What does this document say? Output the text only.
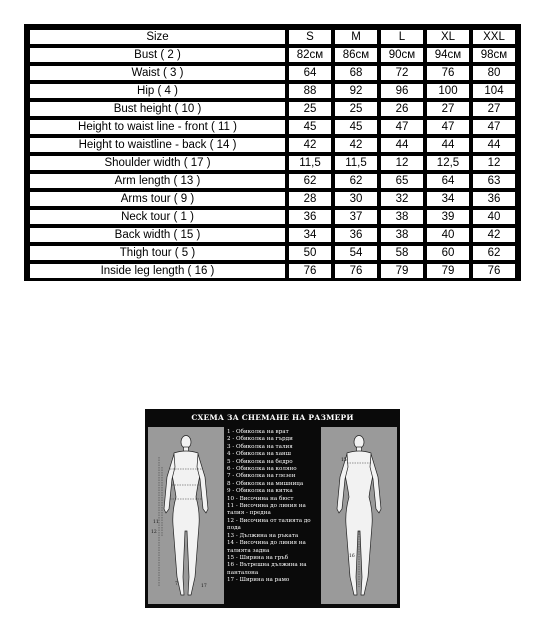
Size	S	M	L	XL	XXL
Bust ( 2 )	82см	86см	90см	94см	98см
Waist ( 3 )	64	68	72	76	80
Hip ( 4 )	88	92	96	100	104
Bust height ( 10 )	25	25	26	27	27
Height to waist line - front ( 11 )	45	45	47	47	47
Height to waistline - back ( 14 )	42	42	44	44	44
Shoulder width ( 17 )	11,5	11,5	12	12,5	12
Arm length ( 13 )	62	62	65	64	63
Arms tour ( 9 )	28	30	32	34	36
Neck tour ( 1 )	36	37	38	39	40
Back width ( 15 )	34	36	38	40	42
Thigh tour ( 5 )	50	54	58	60	62
Inside leg length ( 16 )	76	76	79	79	76
СХЕМА ЗА СНЕМАНЕ НА РАЗМЕРИ
11
12
7	17
1 - Обиколка на врат
2 - Обиколка на гърди
3 - Обиколка на талия
4 - Обиколка на ханш
5 - Обиколка на бедро
6 - Обиколка на коляно
7 - Обиколка на глезен
8 - Обиколка на мишница
9 - Обиколка на китка
10 - Височина на бюст
11 - Височина до линия на талия - предна
12 - Височина от талията до пода
13 - Дължина на ръката
14 - Височина до линия на талията задна
15 - Ширина на гръб
16 - Вътрешна дължина на панталона
17 - Ширина на рамо
15
16
